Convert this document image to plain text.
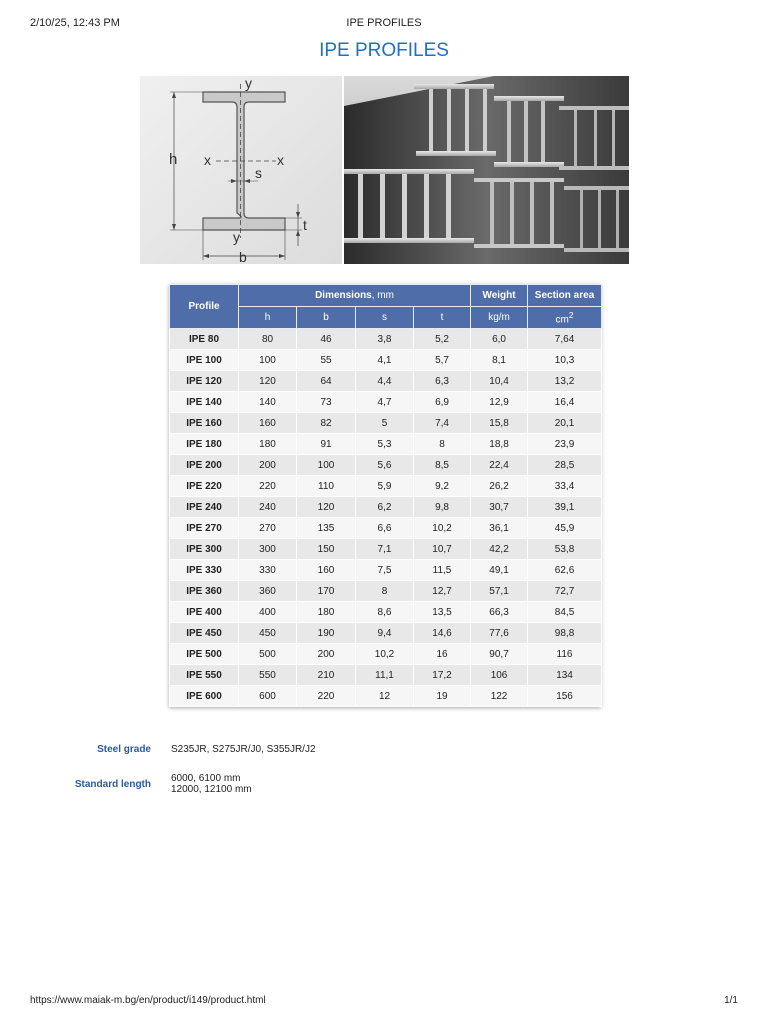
2/10/25, 12:43 PM	IPE PROFILES
IPE PROFILES
y
y
h x	x
s
t
b
Profile	Dimensions, mm				Weight	Section area
	h	b	s	t	kg/m	$cm^2$
IPE 80	80	46	3,8	5,2	6,0	7,64
IPE 100	100	55	4,1	5,7	8,1	10,3
IPE 120	120	64	4,4	6,3	10,4	13,2
IPE 140	140	73	4,7	6,9	12,9	16,4
IPE 160	160	82	5	7,4	15,8	20,1
IPE 180	180	91	5,3	8	18,8	23,9
IPE 200	200	100	5,6	8,5	22,4	28,5
IPE 220	220	110	5,9	9,2	26,2	33,4
IPE 240	240	120	6,2	9,8	30,7	39,1
IPE 270	270	135	6,6	10,2	36,1	45,9
IPE 300	300	150	7,1	10,7	42,2	53,8
IPE 330	330	160	7,5	11,5	49,1	62,6
IPE 360	360	170	8	12,7	57,1	72,7
IPE 400	400	180	8,6	13,5	66,3	84,5
IPE 450	450	190	9,4	14,6	77,6	98,8
IPE 500	500	200	10,2	16	90,7	116
IPE 550	550	210	11,1	17,2	106	134
IPE 600	600	220	12	19	122	156
Steel grade S235JR, S275JR/J0, S355JR/J2
Standard length
6000, 6100 mm
12000, 12100 mm
https://www.maiak-m.bg/en/product/i149/product.html	1/1
